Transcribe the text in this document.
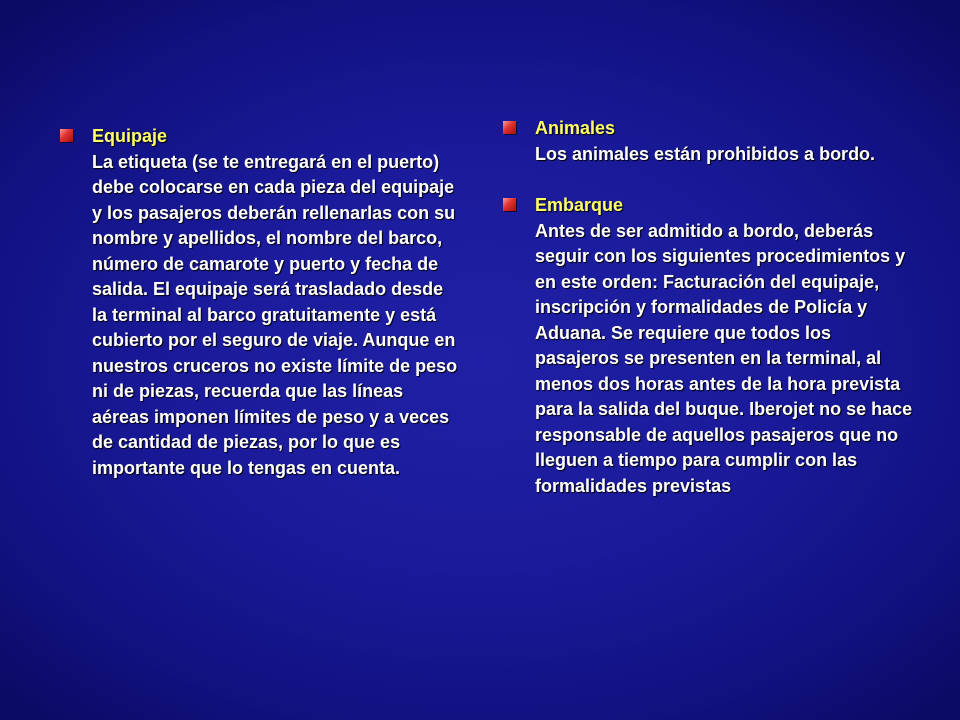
Equipaje
La etiqueta (se te entregará en el puerto) debe colocarse en cada pieza del equipaje y los pasajeros deberán rellenarlas con su nombre y apellidos, el nombre del barco, número de camarote y puerto y fecha de salida. El equipaje será trasladado desde la terminal al barco gratuitamente y está cubierto por el seguro de viaje. Aunque en nuestros cruceros no existe límite de peso ni de piezas, recuerda que las líneas aéreas imponen límites de peso y a veces de cantidad de piezas, por lo que es importante que lo tengas en cuenta.
Animales
Los animales están prohibidos a bordo.
Embarque
Antes de ser admitido a bordo, deberás seguir con los siguientes procedimientos y en este orden: Facturación del equipaje, inscripción y formalidades de Policía y Aduana. Se requiere que todos los pasajeros se presenten en la terminal, al menos dos horas antes de la hora prevista para la salida del buque. Iberojet no se hace responsable de aquellos pasajeros que no lleguen a tiempo para cumplir con las formalidades previstas
